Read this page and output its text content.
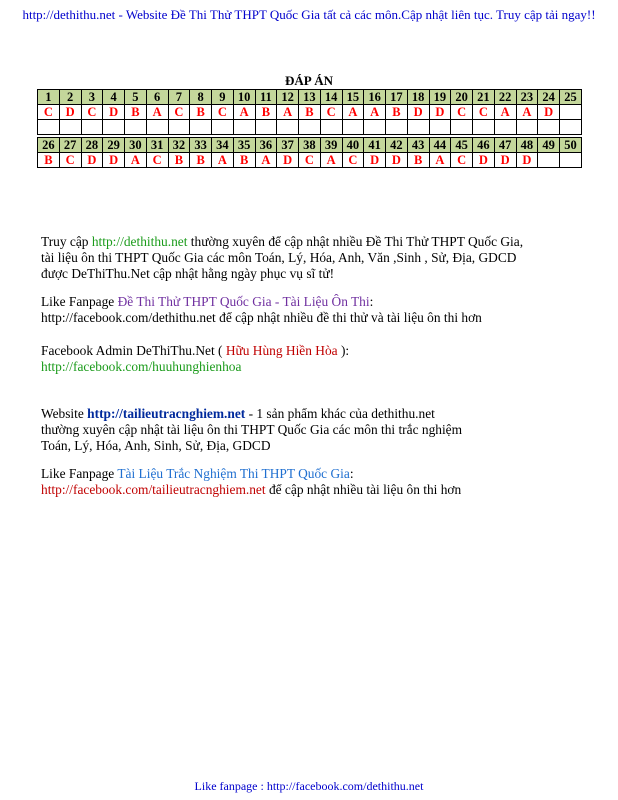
http://dethithu.net - Website Đề Thi Thử THPT Quốc Gia tất cả các môn.Cập nhật liên tục. Truy cập tải ngay!!
ĐÁP ÁN
1	2	3	4	5	6	7	8	9	10	11	12	13	14	15	16	17	18	19	20	21	22	23	24	25
C	D	C	D	B	A	C	B	C	A	B	A	B	C	A	A	B	D	D	C	C	A	A	D	

26	27	28	29	30	31	32	33	34	35	36	37	38	39	40	41	42	43	44	45	46	47	48	49	50
B	C	D	D	A	C	B	B	A	B	A	D	C	A	C	D	D	B	A	C	D	D	D		
Truy cập http://dethithu.net thường xuyên để cập nhật nhiều Đề Thi Thử THPT Quốc Gia,
tài liệu ôn thi THPT Quốc Gia các môn Toán, Lý, Hóa, Anh, Văn ,Sinh , Sử, Địa, GDCD
được DeThiThu.Net cập nhật hằng ngày phục vụ sĩ tử!
Like Fanpage Đề Thi Thử THPT Quốc Gia - Tài Liệu Ôn Thi:
http://facebook.com/dethithu.net để cập nhật nhiều đề thi thử và tài liệu ôn thi hơn
Facebook Admin DeThiThu.Net ( Hữu Hùng Hiền Hòa ):
http://facebook.com/huuhunghienhoa
Website http://tailieutracnghiem.net - 1 sản phẩm khác của dethithu.net
thường xuyên cập nhật tài liệu ôn thi THPT Quốc Gia các môn thi trắc nghiệm
Toán, Lý, Hóa, Anh, Sinh, Sử, Địa, GDCD
Like Fanpage Tài Liệu Trắc Nghiệm Thi THPT Quốc Gia:
http://facebook.com/tailieutracnghiem.net để cập nhật nhiều tài liệu ôn thi hơn
Like fanpage : http://facebook.com/dethithu.net
